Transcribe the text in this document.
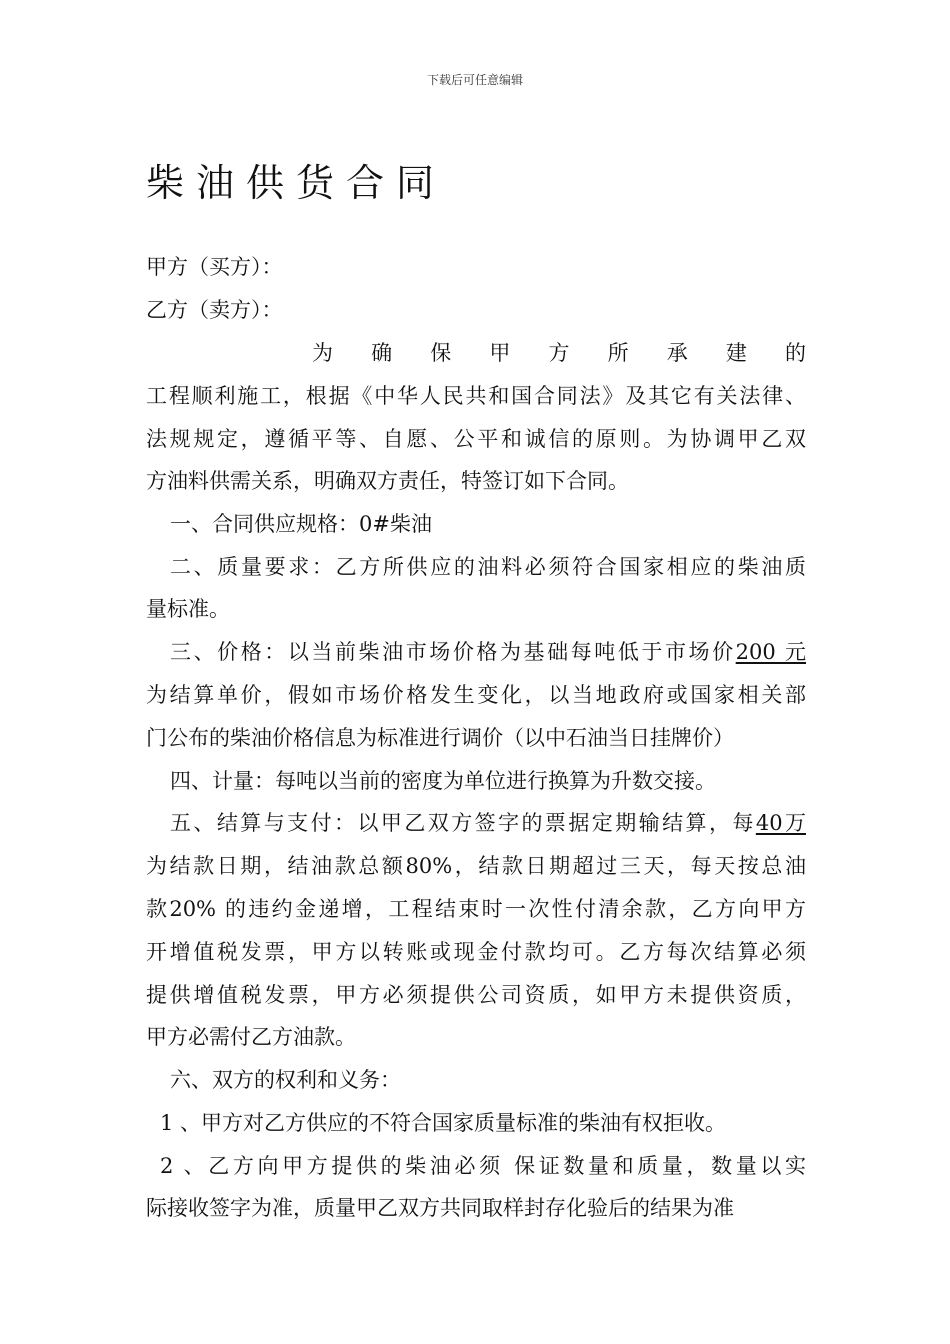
下载后可任意编辑
柴油供货合同
甲方（买方）：
乙方（卖方）：
为 确 保 甲 方 所 承 建 的
工程顺利施工，根据《中华人民共和国合同法》及其它有关法律、
法规规定，遵循平等、自愿、公平和诚信的原则。为协调甲乙双
方油料供需关系，明确双方责任，特签订如下合同。
一、合同供应规格：0#柴油
二、质量要求：乙方所供应的油料必须符合国家相应的柴油质
量标准。
三、价格：以当前柴油市场价格为基础每吨低于市场价200 元
为结算单价，假如市场价格发生变化，以当地政府或国家相关部
门公布的柴油价格信息为标准进行调价（以中石油当日挂牌价）
四、计量：每吨以当前的密度为单位进行换算为升数交接。
五、结算与支付：以甲乙双方签字的票据定期输结算，每40万
为结款日期，结油款总额80%，结款日期超过三天，每天按总油
款20% 的违约金递增，工程结束时一次性付清余款，乙方向甲方
开增值税发票，甲方以转账或现金付款均可。乙方每次结算必须
提供增值税发票，甲方必须提供公司资质，如甲方未提供资质，
甲方必需付乙方油款。
六、双方的权利和义务：
1 、甲方对乙方供应的不符合国家质量标准的柴油有权拒收。
2 、乙方向甲方提供的柴油必须 保证数量和质量，数量以实
际接收签字为准，质量甲乙双方共同取样封存化验后的结果为准
